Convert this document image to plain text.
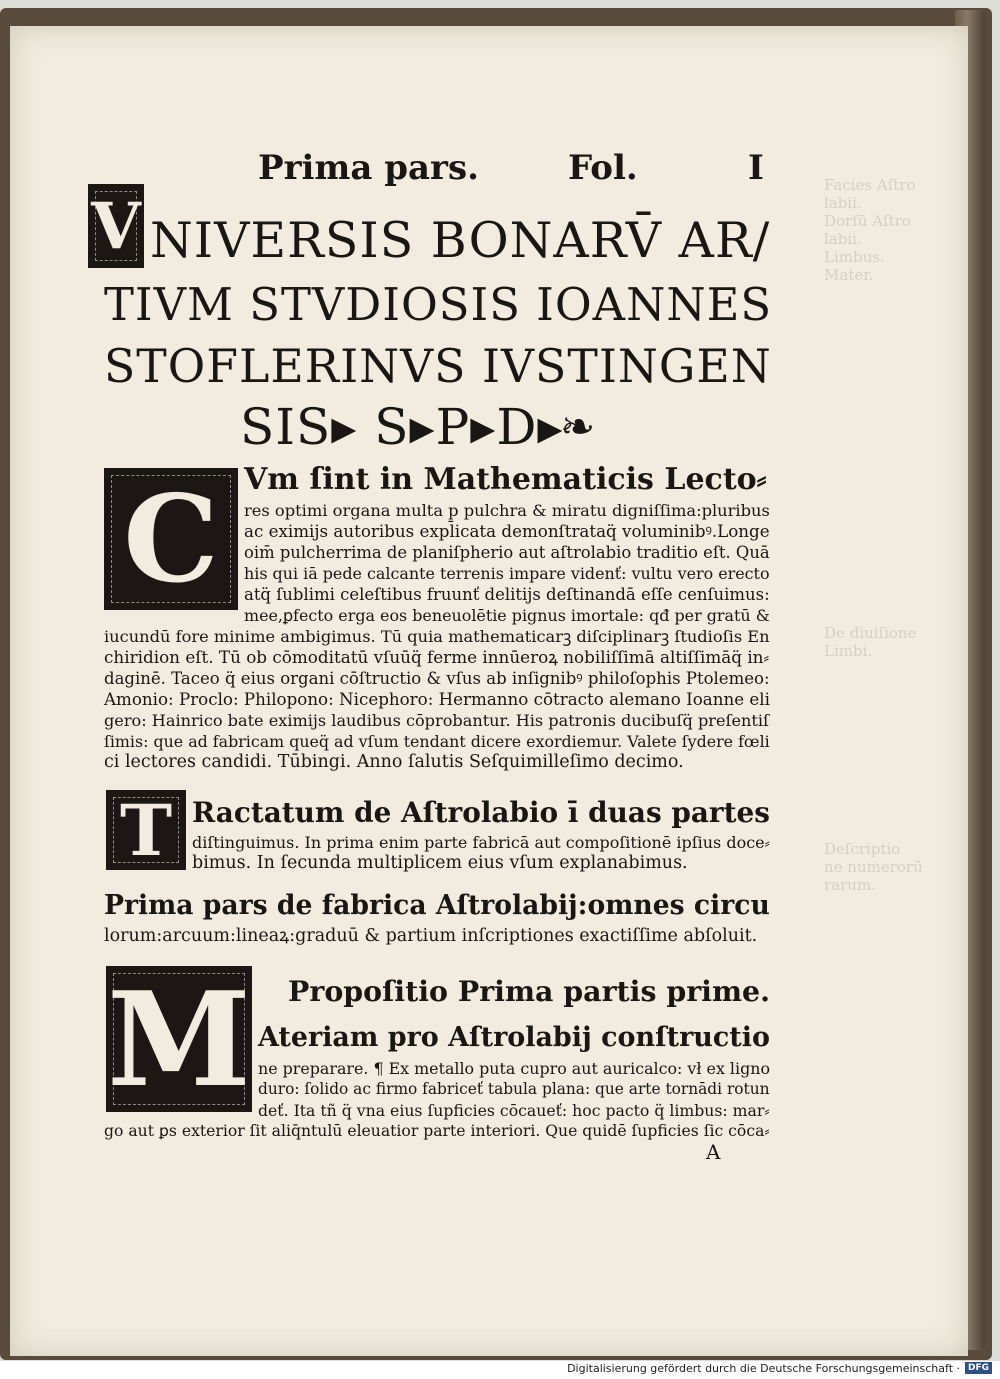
Facies Aſtro
labii.
Dorſū Aſtro
labii.
Limbus.
Mater.
De diuiſione
Limbi.
Deſcriptio
ne numerorū
rarum.
Prima pars.	Fol.	I
V NIVERSIS BONARV̄ AR/
TIVM STVDIOSIS IOANNES
STOFLERINVS IVSTINGEN
SIS▸ S▸P▸D▸
❧
C Vm ſint in Mathematicis Lecto⸗
res optimi organa multa p̱ pulchra & miratu digniſſima:pluribus
ac eximijs autoribus explicata demonſtrataq̈ voluminibꝰ.Longe
oim̄ pulcherrima de planiſpherio aut aſtrolabio traditio eſt. Quā
his qui iā pede calcante terrenis impare videnť: vultu vero erecto
atq̈ ſublimi celeſtibus fruunť delitijs deſtinandā eſſe cenſuimus:
mee,ꝑfecto erga eos beneuolētie pignus imortale: qđ per gratū &
iucundū fore minime ambigimus. Tū quia mathematicarꝫ diſciplinarꝫ ſtudioſis En
chiridion eſt. Tū ob cōmoditatū vſuūq̈ ferme innūeroꝝ nobiliſſimā altiſſimāq̈ in⸗
daginē. Taceo q̈ eius organi cōſtructio & vſus ab inſignibꝰ philoſophis Ptolemeo:
Amonio: Proclo: Philopono: Nicephoro: Hermanno cōtracto alemano Ioanne eli
gero: Hainrico bate eximijs laudibus cōprobantur. His patronis ducibuſq̈ preſentiſ
ſimis: que ad fabricam queq̈ ad vſum tendant dicere exordiemur. Valete ſydere fœli
ci lectores candidi. Tūbingi. Anno ſalutis Seſquimilleſimo decimo.
T Ractatum de Aſtrolabio ī duas partes
diſtinguimus. In prima enim parte fabricā aut compoſitionē ipſius doce⸗
bimus. In ſecunda multiplicem eius vſum explanabimus.
Prima pars de fabrica Aſtrolabij:omnes circu
lorum:arcuum:lineaꝝ:graduū & partium inſcriptiones exactiſſime abſoluit.
M Propoſitio Prima partis prime.
Ateriam pro Aſtrolabij conſtructio
ne preparare. ¶ Ex metallo puta cupro aut auricalco: vł ex ligno
duro: ſolido ac firmo fabriceť tabula plana: que arte tornādi rotun
deť. Ita tñ q̈ vna eius ſupficies cōcaueť: hoc pacto q̈ limbus: mar⸗
go aut ꝑs exterior ſit aliq̄ntulū eleuatior parte interiori. Que quidē ſupficies ſic cōca⸗
A
Digitalisierung gefördert durch die Deutsche Forschungsgemeinschaft · DFG
